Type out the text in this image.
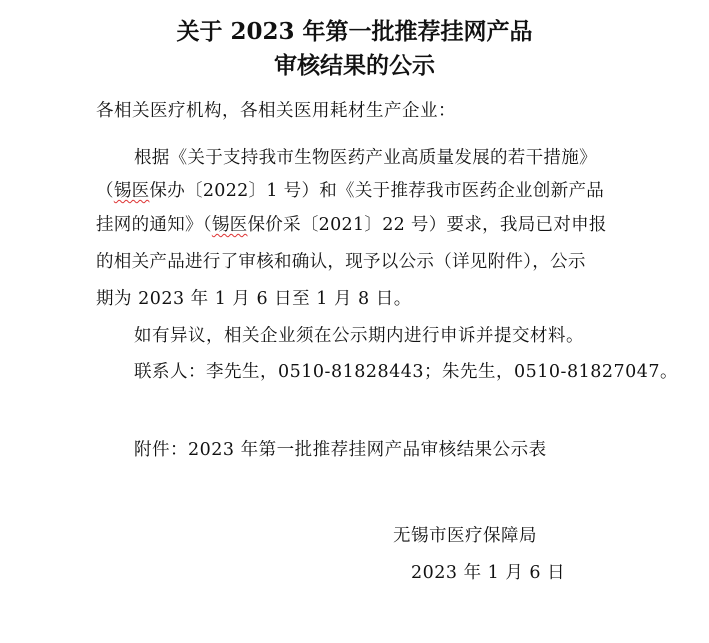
关于 2023 年第一批推荐挂网产品
审核结果的公示
各相关医疗机构，各相关医用耗材生产企业：
根据《关于支持我市生物医药产业高质量发展的若干措施》
（锡医保办〔2022〕1 号）和《关于推荐我市医药企业创新产品
挂网的通知》（锡医保价采〔2021〕22 号）要求，我局已对申报
的相关产品进行了审核和确认，现予以公示（详见附件），公示
期为 2023 年 1 月 6 日至 1 月 8 日。
如有异议，相关企业须在公示期内进行申诉并提交材料。
联系人：李先生，0510-81828443；朱先生，0510-81827047。
附件：2023 年第一批推荐挂网产品审核结果公示表
无锡市医疗保障局
2023 年 1 月 6 日
